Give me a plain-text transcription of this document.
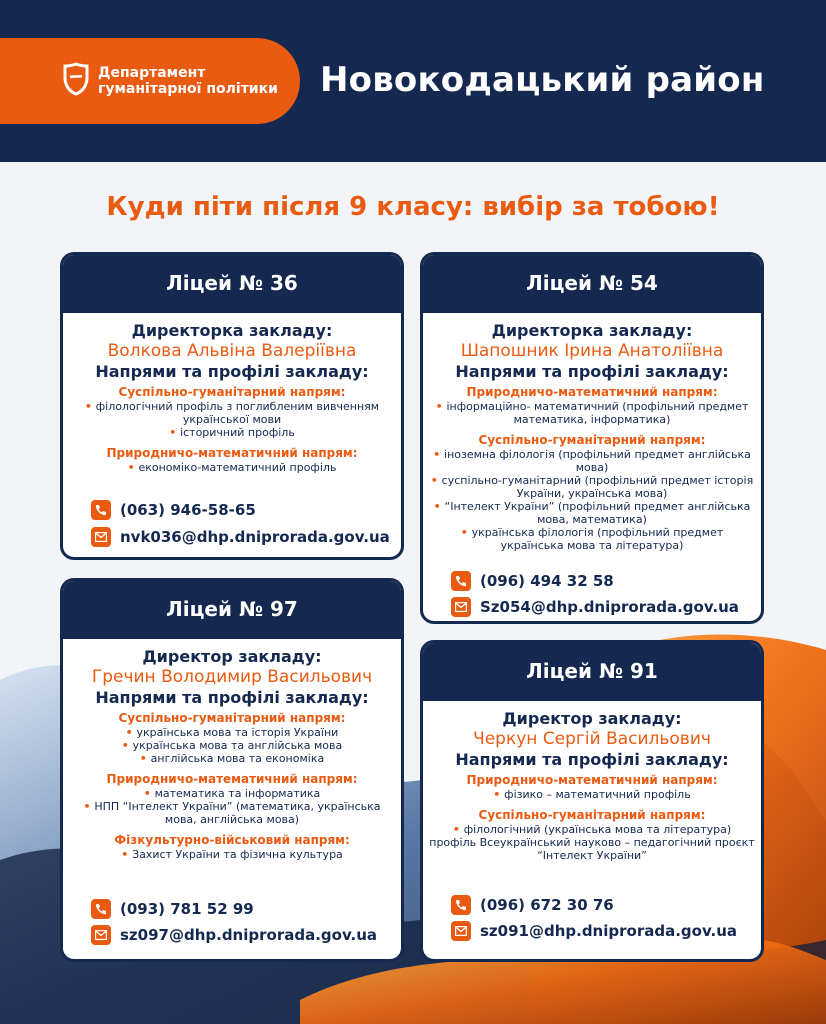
Департамент
гуманітарної політики Новокодацький район
Куди піти після 9 класу: вибір за тобою!
Ліцей № 36
Директорка закладу:
Волкова Альвіна Валеріївна
Напрями та профілі закладу:
Суспільно-гуманітарний напрям:
• філологічний профіль з поглибленим вивченням української мови
• історичний профіль
Природничо-математичний напрям:
• економіко-математичний профіль
(063) 946-58-65
nvk036@dhp.dniprorada.gov.ua
Ліцей № 54
Директорка закладу:
Шапошник Ірина Анатоліївна
Напрями та профілі закладу:
Природничо-математичний напрям:
• інформаційно- математичний (профільний предмет математика, інформатика)
Суспільно-гуманітарний напрям:
• іноземна філологія (профільний предмет англійська мова)
• суспільно-гуманітарний (профільний предмет історія України, українська мова)
• “Інтелект України” (профільний предмет англійська мова, математика)
• українська філологія (профільний предмет українська мова та література)
(096) 494 32 58
Sz054@dhp.dniprorada.gov.ua
Ліцей № 97
Директор закладу:
Гречин Володимир Васильович
Напрями та профілі закладу:
Суспільно-гуманітарний напрям:
• українська мова та історія України
• українська мова та англійська мова
• англійська мова та економіка
Природничо-математичний напрям:
• математика та інформатика
• НПП “Інтелект України” (математика, українська мова, англійська мова)
Фізкультурно-військовий напрям:
• Захист України та фізична культура
(093) 781 52 99
sz097@dhp.dniprorada.gov.ua
Ліцей № 91
Директор закладу:
Черкун Сергій Васильович
Напрями та профілі закладу:
Природничо-математичний напрям:
• фізико – математичний профіль
Суспільно-гуманітарний напрям:
• філологічний (українська мова та література) профіль Всеукраїнський науково – педагогічний проєкт “Інтелект України”
(096) 672 30 76
sz091@dhp.dniprorada.gov.ua
